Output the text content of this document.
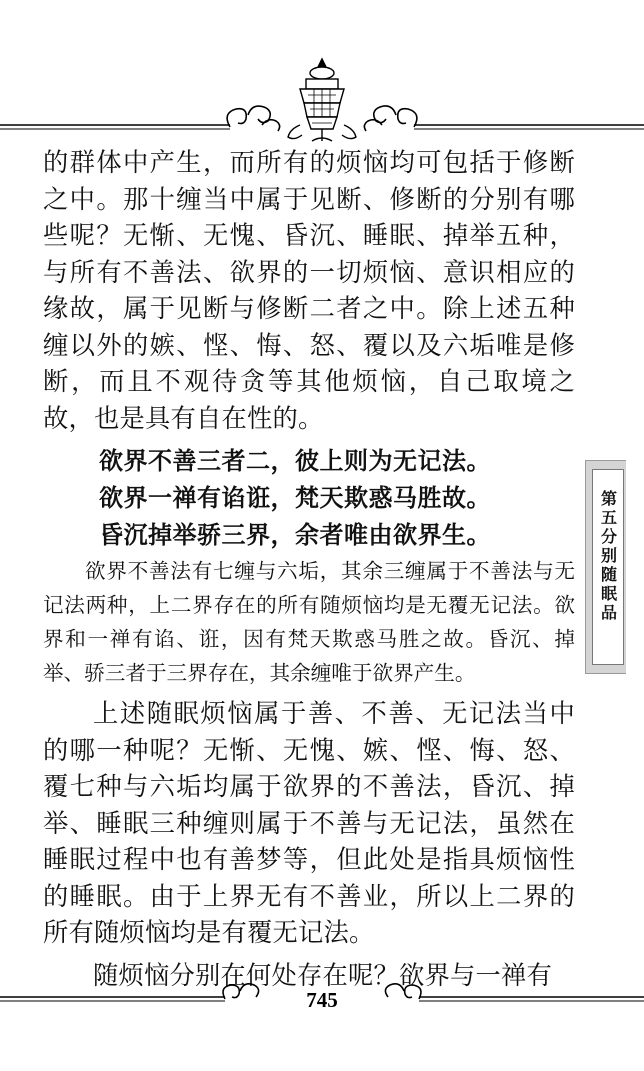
的群体中产生，而所有的烦恼均可包括于修断之中。那十缠当中属于见断、修断的分别有哪些呢？无惭、无愧、昏沉、睡眠、掉举五种，与所有不善法、欲界的一切烦恼、意识相应的缘故，属于见断与修断二者之中。除上述五种缠以外的嫉、悭、悔、怒、覆以及六垢唯是修断，而且不观待贪等其他烦恼，自己取境之故，也是具有自在性的。

欲界不善三者二，彼上则为无记法。

欲界一禅有谄诳，梵天欺惑马胜故。

昏沉掉举骄三界，余者唯由欲界生。

欲界不善法有七缠与六垢，其余三缠属于不善法与无记法两种，上二界存在的所有随烦恼均是无覆无记法。欲界和一禅有谄、诳，因有梵天欺惑马胜之故。昏沉、掉举、骄三者于三界存在，其余缠唯于欲界产生。

上述随眠烦恼属于善、不善、无记法当中的哪一种呢？无惭、无愧、嫉、悭、悔、怒、覆七种与六垢均属于欲界的不善法，昏沉、掉举、睡眠三种缠则属于不善与无记法，虽然在睡眠过程中也有善梦等，但此处是指具烦恼性的睡眠。由于上界无有不善业，所以上二界的所有随烦恼均是有覆无记法。

随烦恼分别在何处存在呢？欲界与一禅有

第五分别随眠品
745
